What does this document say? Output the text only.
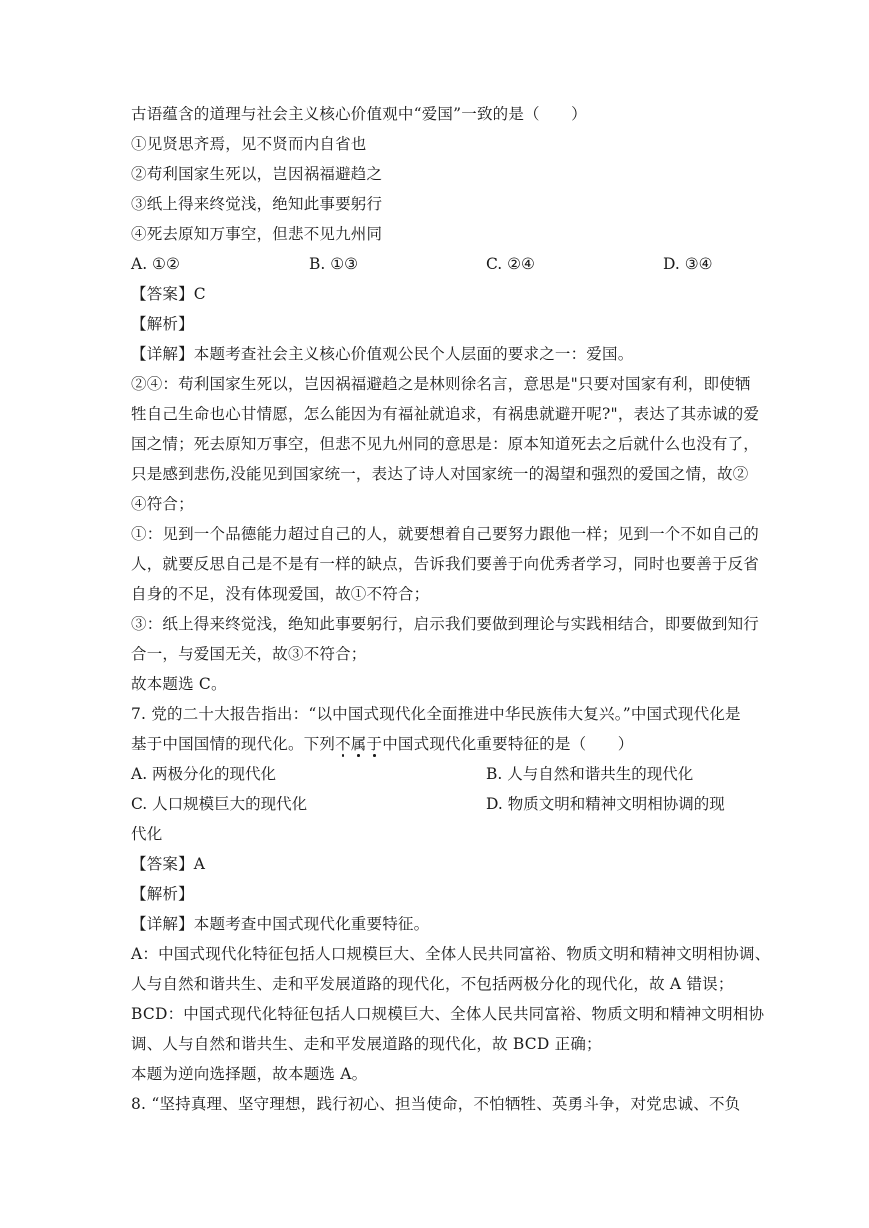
古语蕴含的道理与社会主义核心价值观中“爱国”一致的是（　　）
①见贤思齐焉，见不贤而内自省也
②苟利国家生死以，岂因祸福避趋之
③纸上得来终觉浅，绝知此事要躬行
④死去原知万事空，但悲不见九州同
A. ①②	B. ①③	C. ②④	D. ③④
【答案】C
【解析】
【详解】本题考查社会主义核心价值观公民个人层面的要求之一：爱国。
②④：苟利国家生死以，岂因祸福避趋之是林则徐名言，意思是"只要对国家有利，即使牺
牲自己生命也心甘情愿，怎么能因为有福祉就追求，有祸患就避开呢?"，表达了其赤诚的爱
国之情；死去原知万事空，但悲不见九州同的意思是：原本知道死去之后就什么也没有了，
只是感到悲伤,没能见到国家统一，表达了诗人对国家统一的渴望和强烈的爱国之情，故②
④符合；
①：见到一个品德能力超过自己的人，就要想着自己要努力跟他一样；见到一个不如自己的
人，就要反思自己是不是有一样的缺点，告诉我们要善于向优秀者学习，同时也要善于反省
自身的不足，没有体现爱国，故①不符合；
③：纸上得来终觉浅，绝知此事要躬行，启示我们要做到理论与实践相结合，即要做到知行
合一，与爱国无关，故③不符合；
故本题选 C。
7. 党的二十大报告指出：“以中国式现代化全面推进中华民族伟大复兴。”中国式现代化是
基于中国国情的现代化。下列不属于
中国式现代化重要特征的是（　　）
A. 两极分化的现代化	B. 人与自然和谐共生的现代化
C. 人口规模巨大的现代化	D. 物质文明和精神文明相协调的现
代化
【答案】A
【解析】
【详解】本题考查中国式现代化重要特征。
A：中国式现代化特征包括人口规模巨大、全体人民共同富裕、物质文明和精神文明相协调、
人与自然和谐共生、走和平发展道路的现代化，不包括两极分化的现代化，故 A 错误；
BCD：中国式现代化特征包括人口规模巨大、全体人民共同富裕、物质文明和精神文明相协
调、人与自然和谐共生、走和平发展道路的现代化，故 BCD 正确；
本题为逆向选择题，故本题选 A。
8. “坚持真理、坚守理想，践行初心、担当使命，不怕牺牲、英勇斗争，对党忠诚、不负
